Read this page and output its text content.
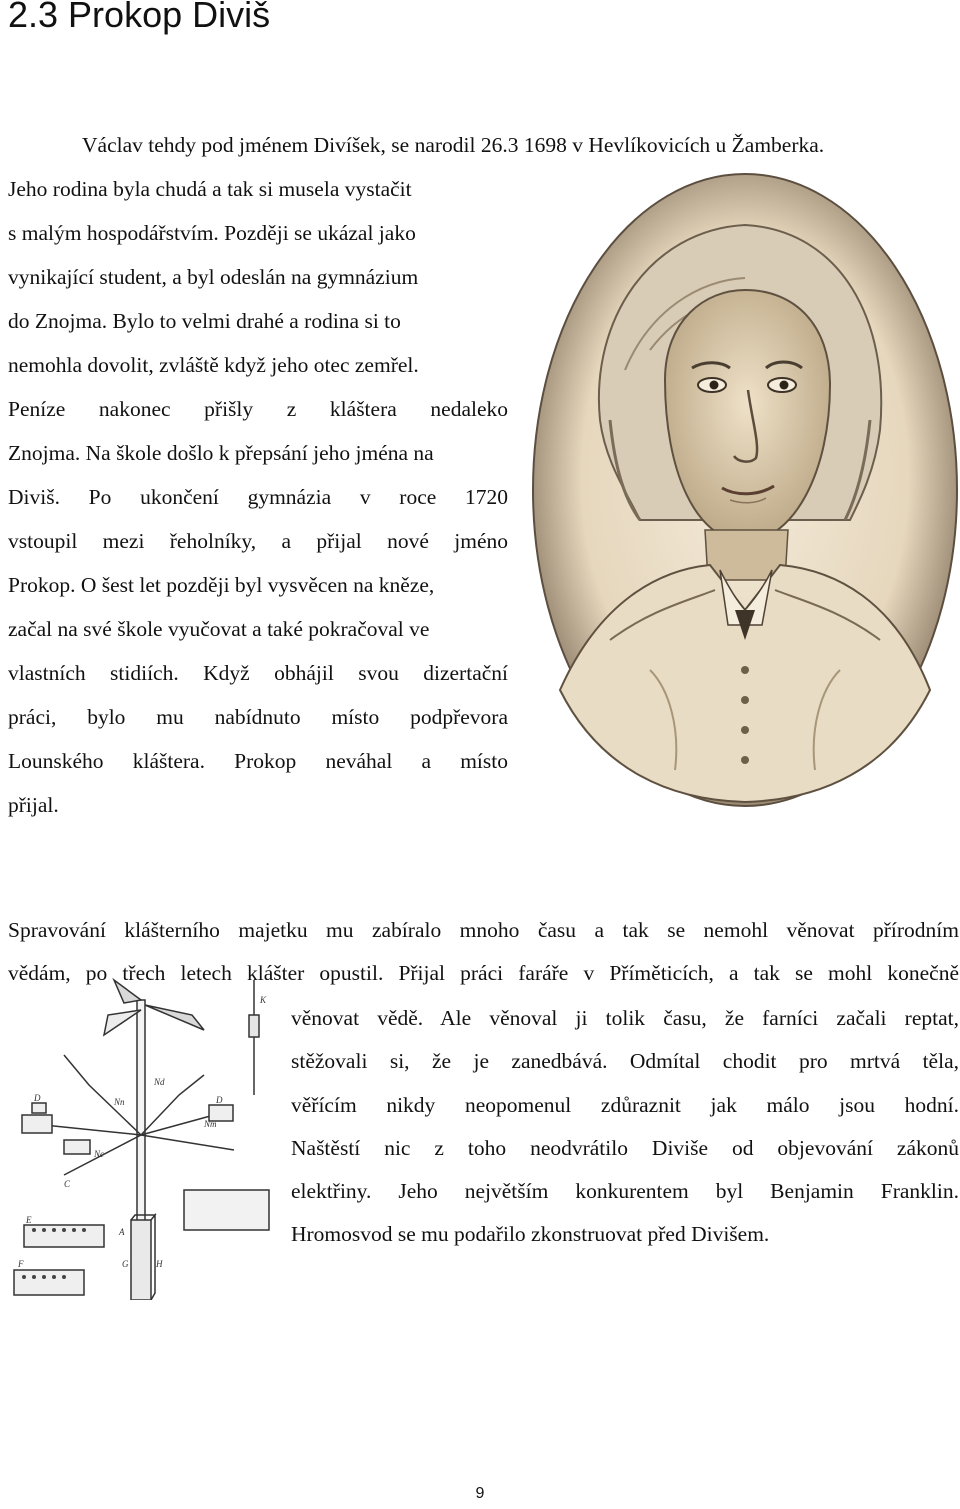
2.3 Prokop Diviš
Václav tehdy pod jménem Divíšek, se narodil 26.3 1698 v Hevlíkovicích u Žamberka.
Jeho rodina byla chudá a tak si musela vystačit
s malým hospodářstvím. Později se ukázal jako
vynikající student, a byl odeslán na gymnázium
do Znojma. Bylo to velmi drahé a rodina si to
nemohla dovolit, zvláště když jeho otec zemřel.
Peníze nakonec přišly z kláštera nedaleko
Znojma. Na škole došlo k přepsání jeho jména na
Diviš. Po ukončení gymnázia v roce 1720
vstoupil mezi řeholníky, a přijal nové jméno
Prokop. O šest let později byl vysvěcen na kněze,
začal na své škole vyučovat a také pokračoval ve
vlastních stidiích. Když obhájil svou dizertační
práci, bylo mu nabídnuto místo podpřevora
Lounského kláštera. Prokop neváhal a místo
přijal.
Spravování klášterního majetku mu zabíralo mnoho času a tak se nemohl věnovat přírodním
vědám, po třech letech klášter opustil. Přijal práci faráře v Příměticích, a tak se mohl konečně
věnovat vědě. Ale věnoval ji tolik času, že farníci začali reptat,
stěžovali si, že je zanedbává. Odmítal chodit pro mrtvá těla,
věřícím nikdy neopomenul zdůraznit jak málo jsou hodní.
Naštěstí nic z toho neodvrátilo Diviše od objevování zákonů
elektřiny. Jeho největším konkurentem byl Benjamin Franklin.
Hromosvod se mu podařilo zkonstruovat před Divišem.
K
Nd
Nm
Nn
Nc
A
C
D	D
E
F	G	H
9
